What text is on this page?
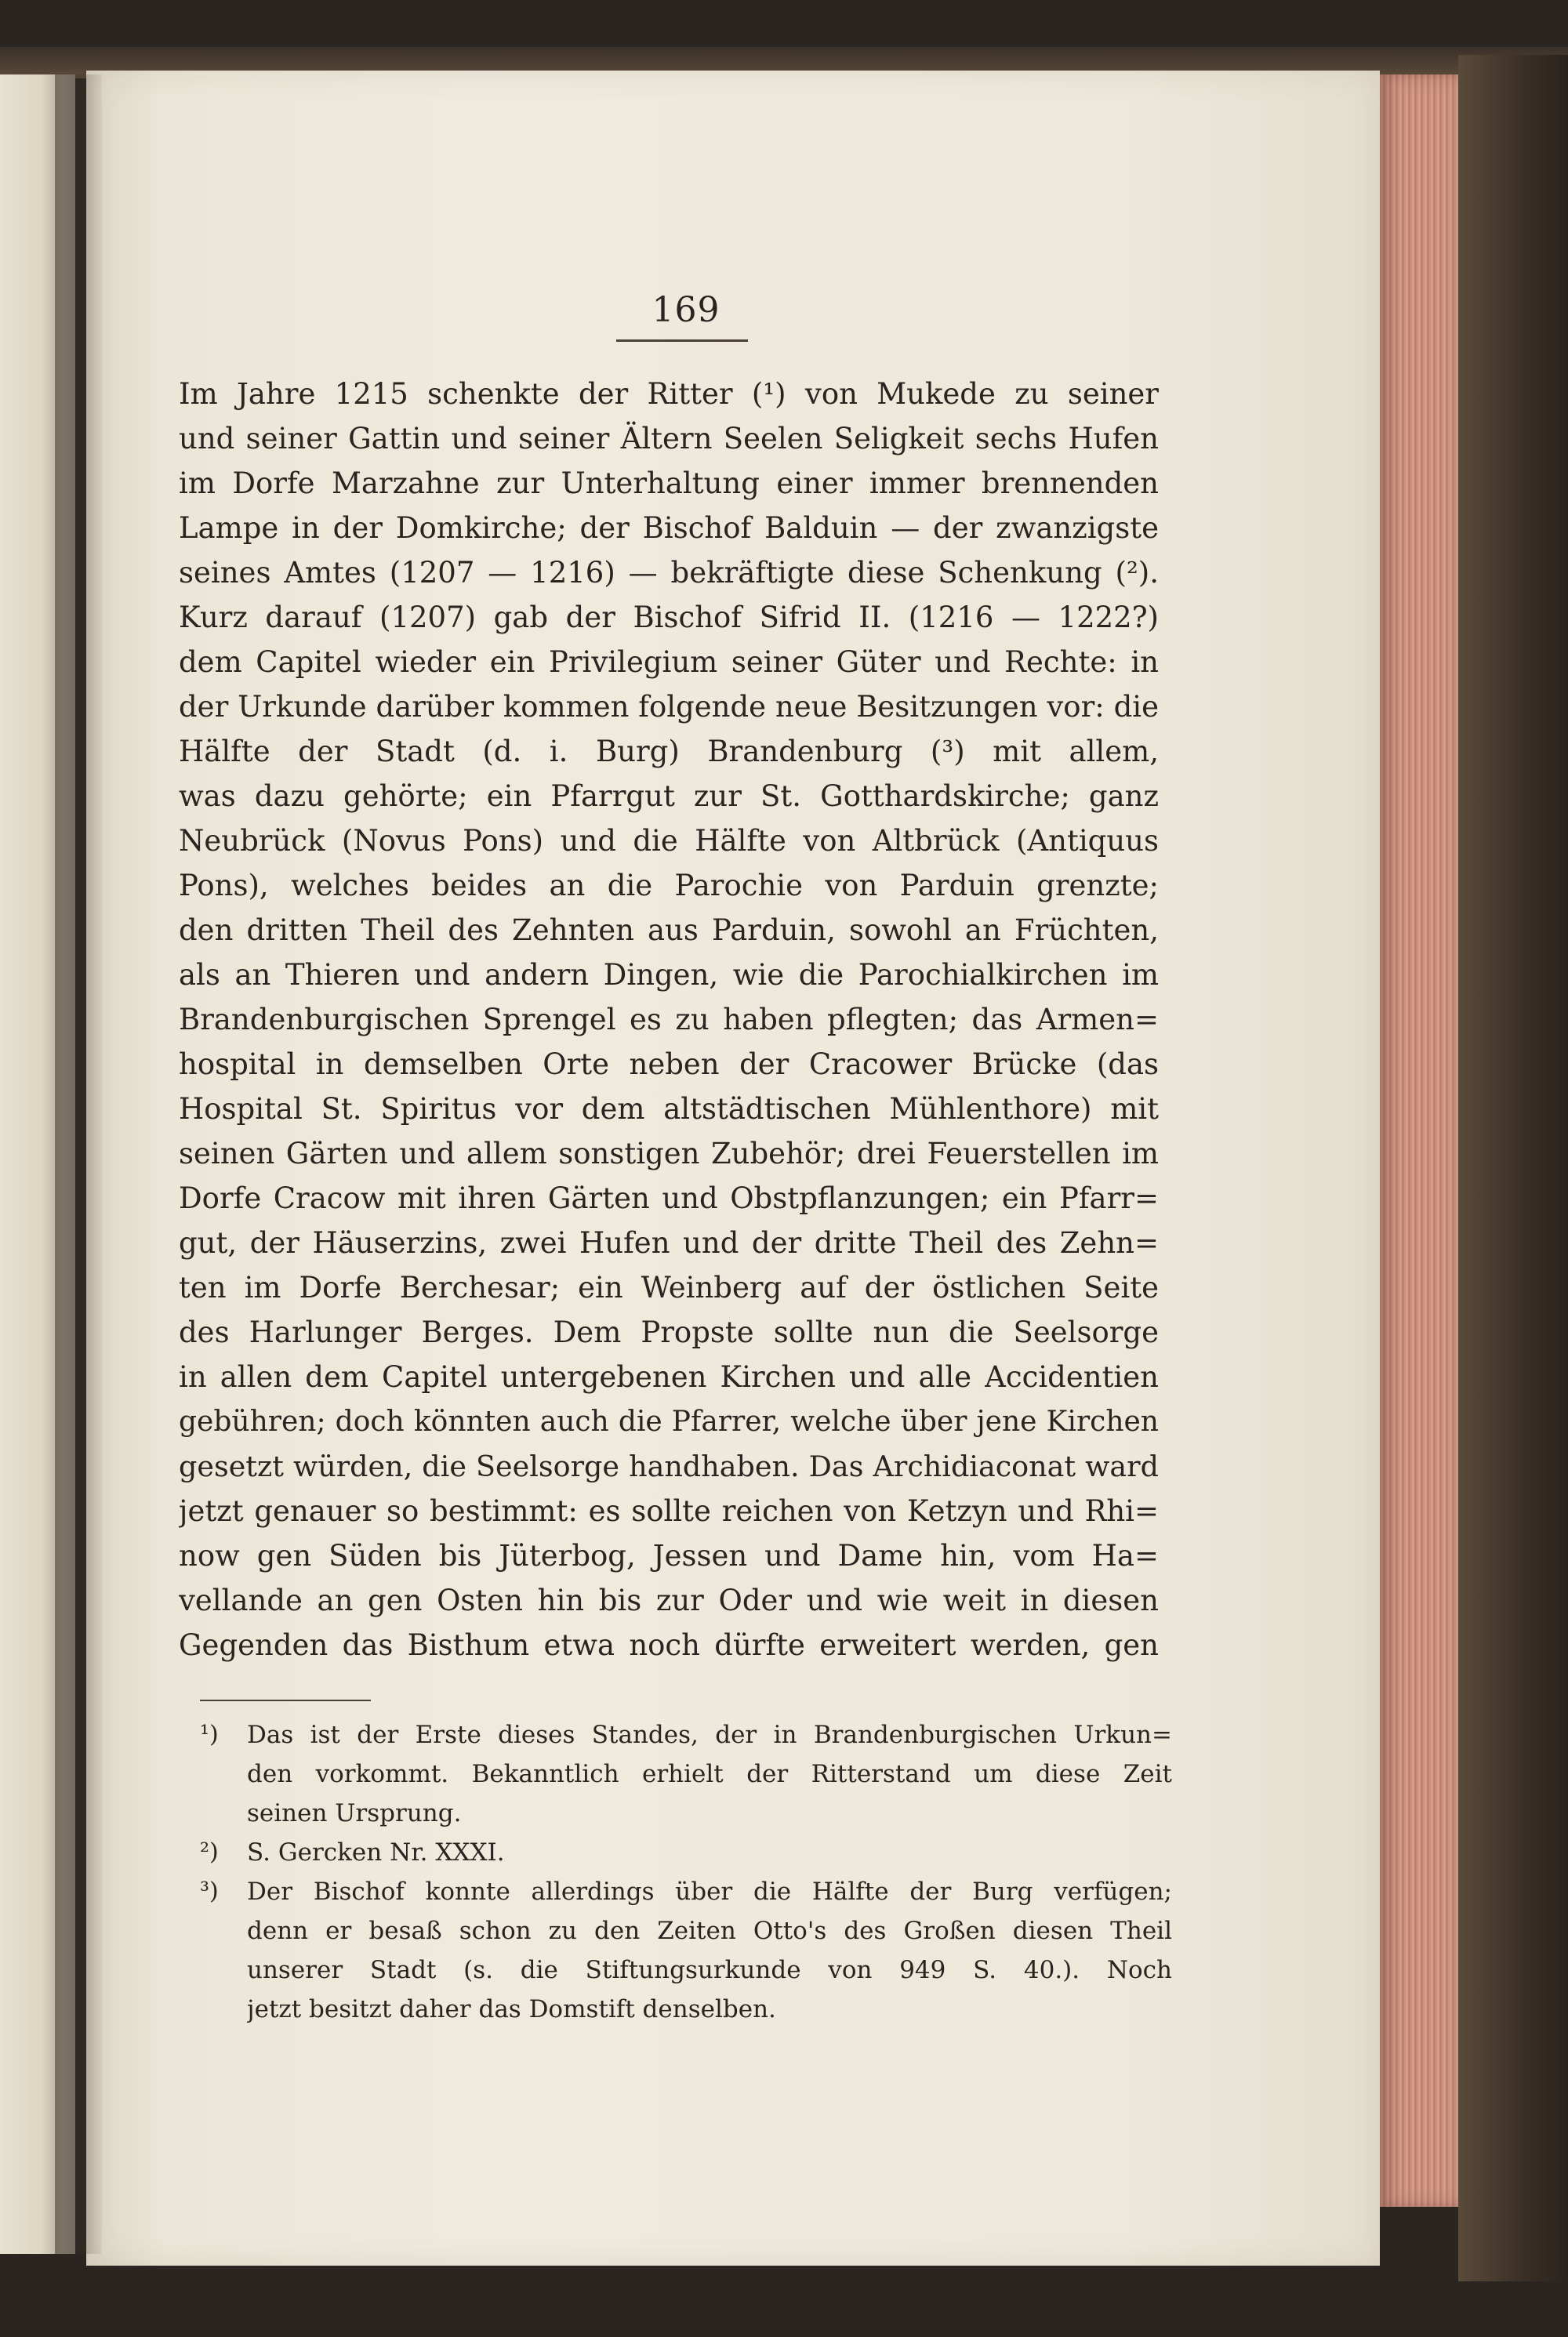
169
Im Jahre 1215 schenkte der Ritter (¹) von Mukede zu seiner
und seiner Gattin und seiner Ältern Seelen Seligkeit sechs Hufen
im Dorfe Marzahne zur Unterhaltung einer immer brennenden
Lampe in der Domkirche; der Bischof Balduin — der zwanzigste
seines Amtes (1207 — 1216) — bekräftigte diese Schenkung (²).
Kurz darauf (1207) gab der Bischof Sifrid II. (1216 — 1222?)
dem Capitel wieder ein Privilegium seiner Güter und Rechte: in
der Urkunde darüber kommen folgende neue Besitzungen vor: die
Hälfte der Stadt (d. i. Burg) Brandenburg (³) mit allem,
was dazu gehörte; ein Pfarrgut zur St. Gotthardskirche; ganz
Neubrück (Novus Pons) und die Hälfte von Altbrück (Antiquus
Pons), welches beides an die Parochie von Parduin grenzte;
den dritten Theil des Zehnten aus Parduin, sowohl an Früchten,
als an Thieren und andern Dingen, wie die Parochialkirchen im
Brandenburgischen Sprengel es zu haben pflegten; das Armen=
hospital in demselben Orte neben der Cracower Brücke (das
Hospital St. Spiritus vor dem altstädtischen Mühlenthore) mit
seinen Gärten und allem sonstigen Zubehör; drei Feuerstellen im
Dorfe Cracow mit ihren Gärten und Obstpflanzungen; ein Pfarr=
gut, der Häuserzins, zwei Hufen und der dritte Theil des Zehn=
ten im Dorfe Berchesar; ein Weinberg auf der östlichen Seite
des Harlunger Berges. Dem Propste sollte nun die Seelsorge
in allen dem Capitel untergebenen Kirchen und alle Accidentien
gebühren; doch könnten auch die Pfarrer, welche über jene Kirchen
gesetzt würden, die Seelsorge handhaben. Das Archidiaconat ward
jetzt genauer so bestimmt: es sollte reichen von Ketzyn und Rhi=
now gen Süden bis Jüterbog, Jessen und Dame hin, vom Ha=
vellande an gen Osten hin bis zur Oder und wie weit in diesen
Gegenden das Bisthum etwa noch dürfte erweitert werden, gen
¹) Das ist der Erste dieses Standes, der in Brandenburgischen Urkun=
den vorkommt. Bekanntlich erhielt der Ritterstand um diese Zeit
seinen Ursprung.
²) S. Gercken Nr. XXXI.
³) Der Bischof konnte allerdings über die Hälfte der Burg verfügen;
denn er besaß schon zu den Zeiten Otto's des Großen diesen Theil
unserer Stadt (s. die Stiftungsurkunde von 949 S. 40.). Noch
jetzt besitzt daher das Domstift denselben.
